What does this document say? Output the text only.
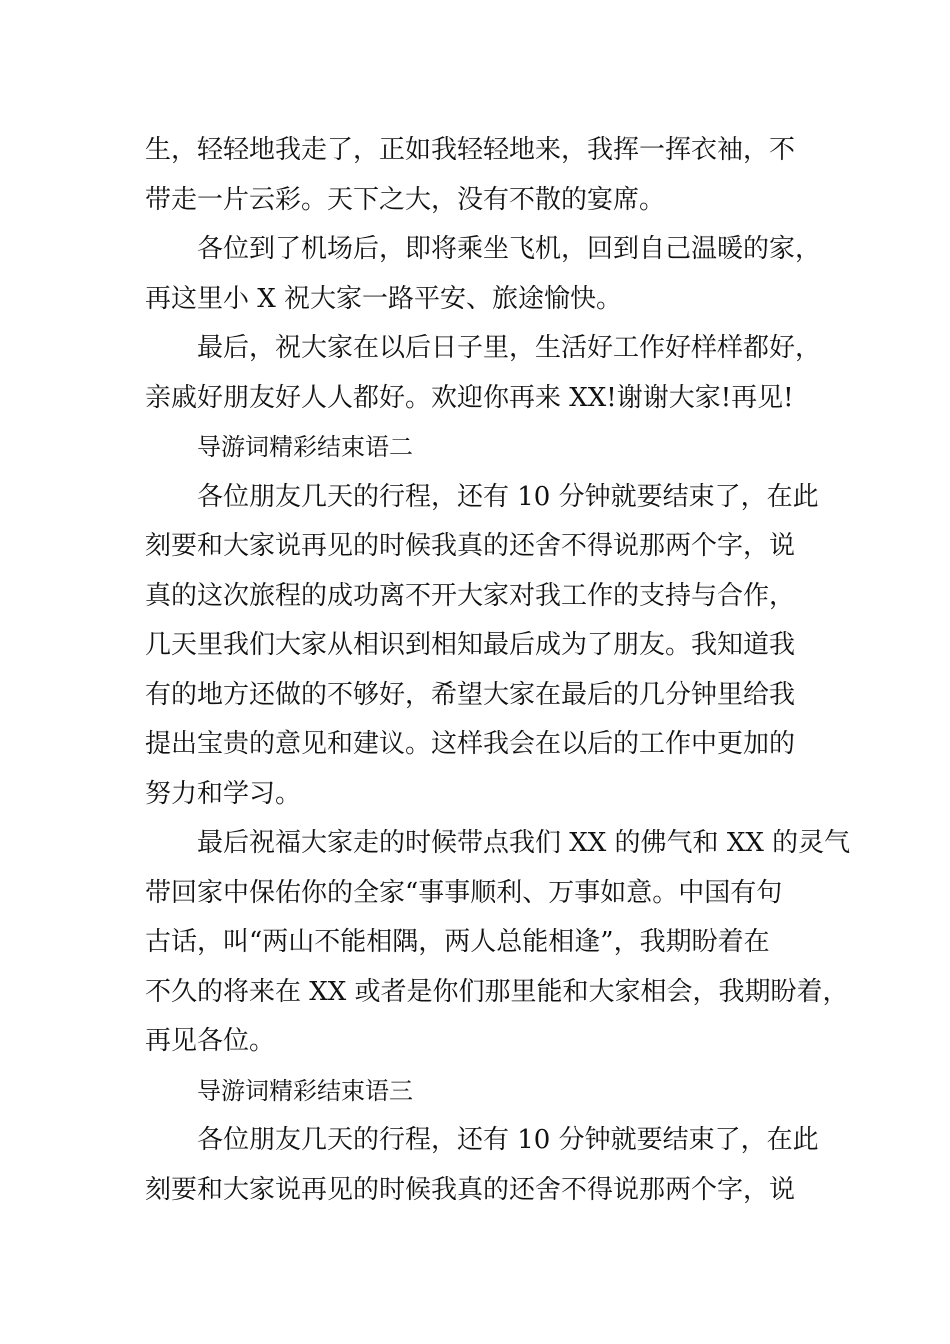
生，轻轻地我走了，正如我轻轻地来，我挥一挥衣袖，不
带走一片云彩。天下之大，没有不散的宴席。
各位到了机场后，即将乘坐飞机，回到自己温暖的家，
再这里小 X 祝大家一路平安、旅途愉快。
最后，祝大家在以后日子里，生活好工作好样样都好，
亲戚好朋友好人人都好。欢迎你再来 XX!谢谢大家!再见!
导游词精彩结束语二
各位朋友几天的行程，还有 10 分钟就要结束了，在此
刻要和大家说再见的时候我真的还舍不得说那两个字，说
真的这次旅程的成功离不开大家对我工作的支持与合作，
几天里我们大家从相识到相知最后成为了朋友。我知道我
有的地方还做的不够好，希望大家在最后的几分钟里给我
提出宝贵的意见和建议。这样我会在以后的工作中更加的
努力和学习。
最后祝福大家走的时候带点我们 XX 的佛气和 XX 的灵气
带回家中保佑你的全家“事事顺利、万事如意。中国有句
古话，叫“两山不能相隅，两人总能相逢”，我期盼着在
不久的将来在 XX 或者是你们那里能和大家相会，我期盼着，
再见各位。
导游词精彩结束语三
各位朋友几天的行程，还有 10 分钟就要结束了，在此
刻要和大家说再见的时候我真的还舍不得说那两个字，说
